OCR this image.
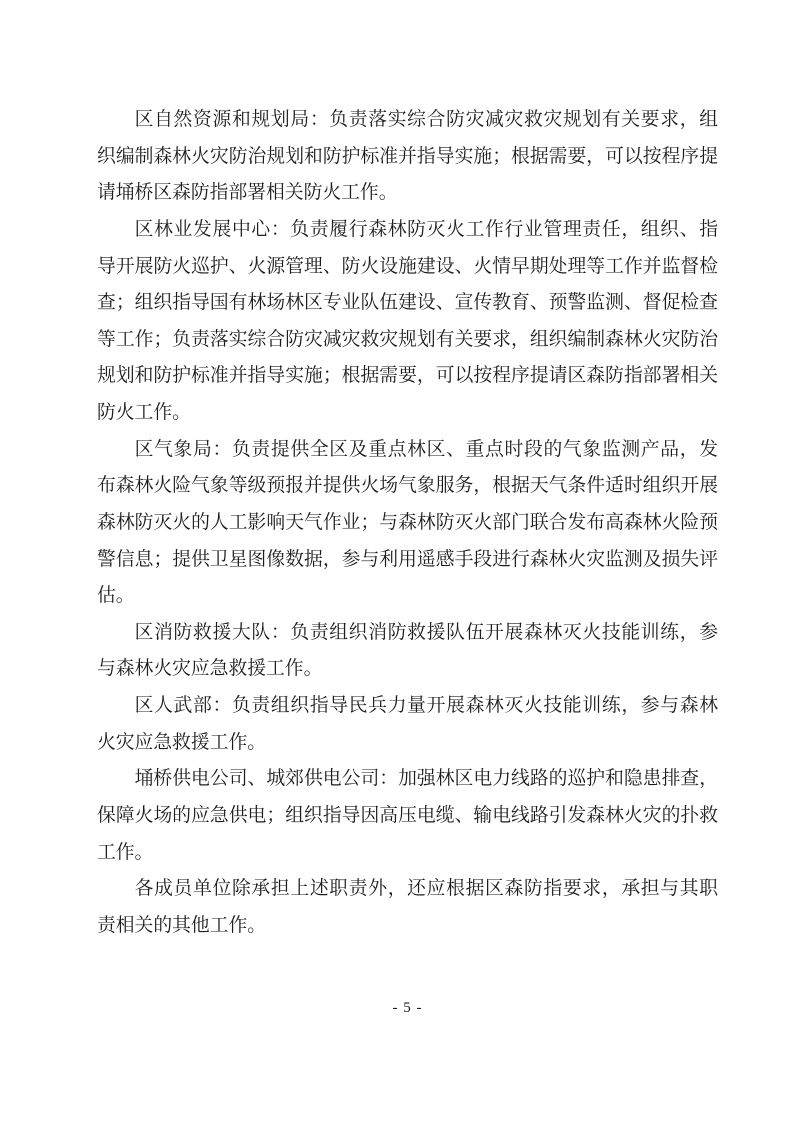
区自然资源和规划局：负责落实综合防灾减灾救灾规划有关要求，组
织编制森林火灾防治规划和防护标准并指导实施；根据需要，可以按程序提
请埇桥区森防指部署相关防火工作。
区林业发展中心：负责履行森林防灭火工作行业管理责任，组织、指
导开展防火巡护、火源管理、防火设施建设、火情早期处理等工作并监督检
查；组织指导国有林场林区专业队伍建设、宣传教育、预警监测、督促检查
等工作；负责落实综合防灾减灾救灾规划有关要求，组织编制森林火灾防治
规划和防护标准并指导实施；根据需要，可以按程序提请区森防指部署相关
防火工作。
区气象局：负责提供全区及重点林区、重点时段的气象监测产品，发
布森林火险气象等级预报并提供火场气象服务，根据天气条件适时组织开展
森林防灭火的人工影响天气作业；与森林防灭火部门联合发布高森林火险预
警信息；提供卫星图像数据，参与利用遥感手段进行森林火灾监测及损失评
估。
区消防救援大队：负责组织消防救援队伍开展森林灭火技能训练，参
与森林火灾应急救援工作。
区人武部：负责组织指导民兵力量开展森林灭火技能训练，参与森林
火灾应急救援工作。
埇桥供电公司、城郊供电公司：加强林区电力线路的巡护和隐患排查，
保障火场的应急供电；组织指导因高压电缆、输电线路引发森林火灾的扑救
工作。
各成员单位除承担上述职责外，还应根据区森防指要求，承担与其职
责相关的其他工作。
- 5 -
